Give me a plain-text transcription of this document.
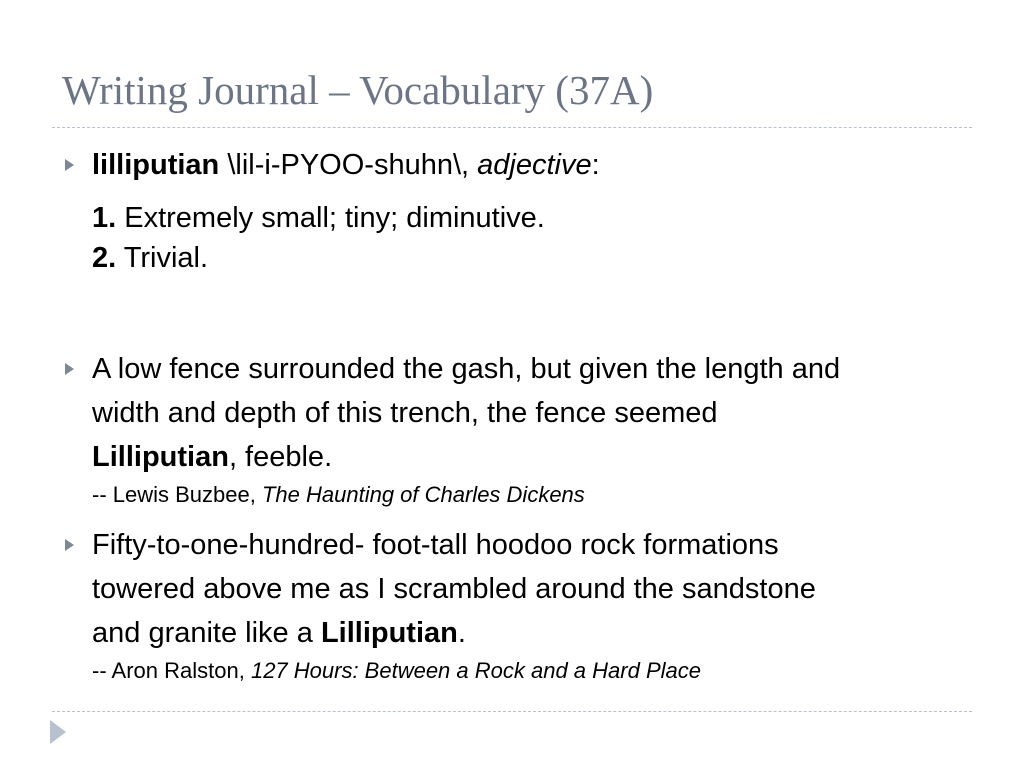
Writing Journal – Vocabulary (37A)
lilliputian \lil-i-PYOO-shuhn\, adjective:
1. Extremely small; tiny; diminutive.
2. Trivial.
A low fence surrounded the gash, but given the length and
width and depth of this trench, the fence seemed
Lilliputian, feeble.
-- Lewis Buzbee, The Haunting of Charles Dickens
Fifty-to-one-hundred- foot-tall hoodoo rock formations
towered above me as I scrambled around the sandstone
and granite like a Lilliputian.
-- Aron Ralston, 127 Hours: Between a Rock and a Hard Place
